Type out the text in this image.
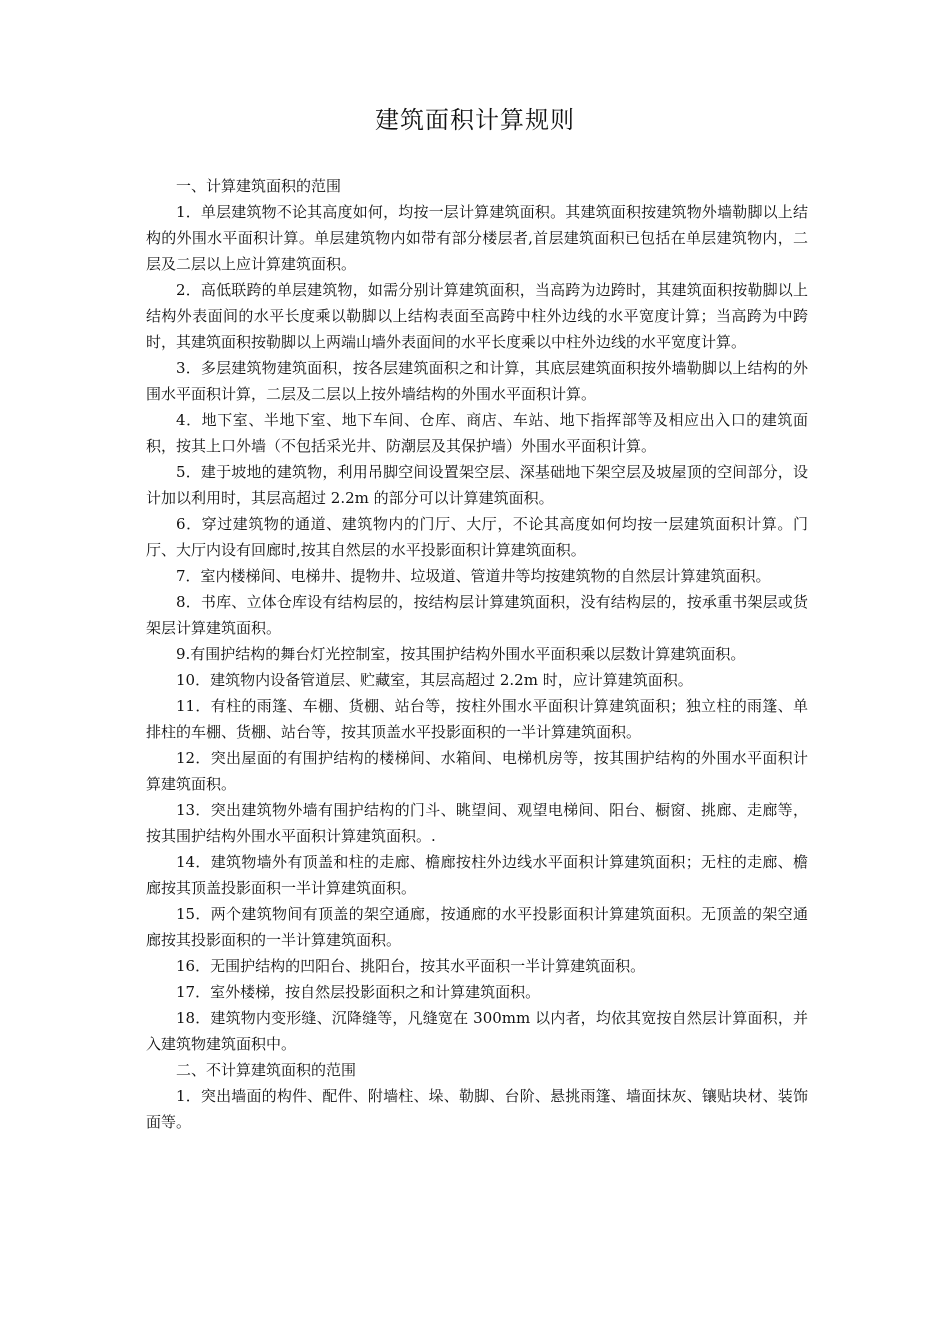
建筑面积计算规则

一、计算建筑面积的范围

1．单层建筑物不论其高度如何，均按一层计算建筑面积。其建筑面积按建筑物外墙勒脚以上结构的外围水平面积计算。单层建筑物内如带有部分楼层者,首层建筑面积已包括在单层建筑物内，二层及二层以上应计算建筑面积。

2．高低联跨的单层建筑物，如需分别计算建筑面积，当高跨为边跨时，其建筑面积按勒脚以上结构外表面间的水平长度乘以勒脚以上结构表面至高跨中柱外边线的水平宽度计算；当高跨为中跨时，其建筑面积按勒脚以上两端山墙外表面间的水平长度乘以中柱外边线的水平宽度计算。

3．多层建筑物建筑面积，按各层建筑面积之和计算，其底层建筑面积按外墙勒脚以上结构的外围水平面积计算，二层及二层以上按外墙结构的外围水平面积计算。

4．地下室、半地下室、地下车间、仓库、商店、车站、地下指挥部等及相应出入口的建筑面积，按其上口外墙（不包括采光井、防潮层及其保护墙）外围水平面积计算。

5．建于坡地的建筑物，利用吊脚空间设置架空层、深基础地下架空层及坡屋顶的空间部分，设计加以利用时，其层高超过 2.2m 的部分可以计算建筑面积。

6．穿过建筑物的通道、建筑物内的门厅、大厅，不论其高度如何均按一层建筑面积计算。门厅、大厅内设有回廊时,按其自然层的水平投影面积计算建筑面积。

7．室内楼梯间、电梯井、提物井、垃圾道、管道井等均按建筑物的自然层计算建筑面积。

8．书库、立体仓库设有结构层的，按结构层计算建筑面积，没有结构层的，按承重书架层或货架层计算建筑面积。

9.有围护结构的舞台灯光控制室，按其围护结构外围水平面积乘以层数计算建筑面积。

10．建筑物内设备管道层、贮藏室，其层高超过 2.2m 时，应计算建筑面积。

11．有柱的雨篷、车棚、货棚、站台等，按柱外围水平面积计算建筑面积；独立柱的雨篷、单排柱的车棚、货棚、站台等，按其顶盖水平投影面积的一半计算建筑面积。

12．突出屋面的有围护结构的楼梯间、水箱间、电梯机房等，按其围护结构的外围水平面积计算建筑面积。

13．突出建筑物外墙有围护结构的门斗、眺望间、观望电梯间、阳台、橱窗、挑廊、走廊等，按其围护结构外围水平面积计算建筑面积。.

14．建筑物墙外有顶盖和柱的走廊、檐廊按柱外边线水平面积计算建筑面积；无柱的走廊、檐廊按其顶盖投影面积一半计算建筑面积。

15．两个建筑物间有顶盖的架空通廊，按通廊的水平投影面积计算建筑面积。无顶盖的架空通廊按其投影面积的一半计算建筑面积。

16．无围护结构的凹阳台、挑阳台，按其水平面积一半计算建筑面积。

17．室外楼梯，按自然层投影面积之和计算建筑面积。

18．建筑物内变形缝、沉降缝等，凡缝宽在 300mm 以内者，均依其宽按自然层计算面积，并入建筑物建筑面积中。

二、不计算建筑面积的范围

1．突出墙面的构件、配件、附墙柱、垛、勒脚、台阶、悬挑雨篷、墙面抹灰、镶贴块材、装饰面等。
